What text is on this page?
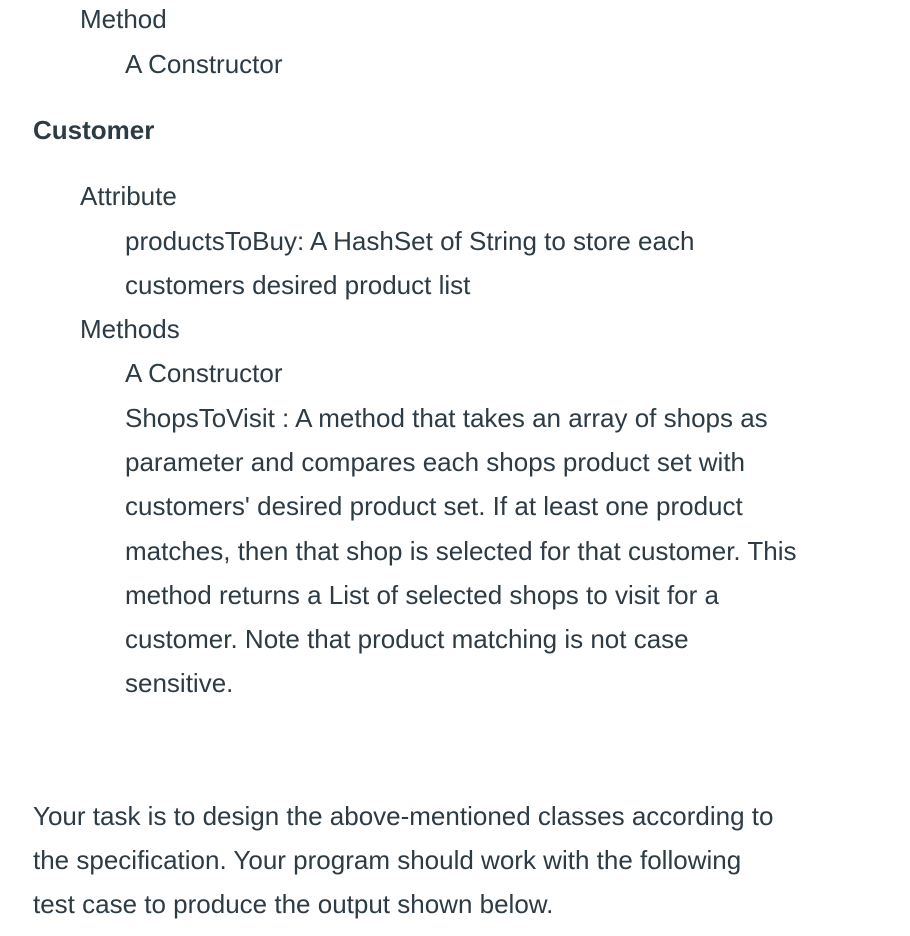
Method
A Constructor
Customer
Attribute
productsToBuy: A HashSet of String to store each
customers desired product list
Methods
A Constructor
ShopsToVisit : A method that takes an array of shops as
parameter and compares each shops product set with
customers' desired product set. If at least one product
matches, then that shop is selected for that customer. This
method returns a List of selected shops to visit for a
customer. Note that product matching is not case
sensitive.
Your task is to design the above-mentioned classes according to
the specification. Your program should work with the following
test case to produce the output shown below.
